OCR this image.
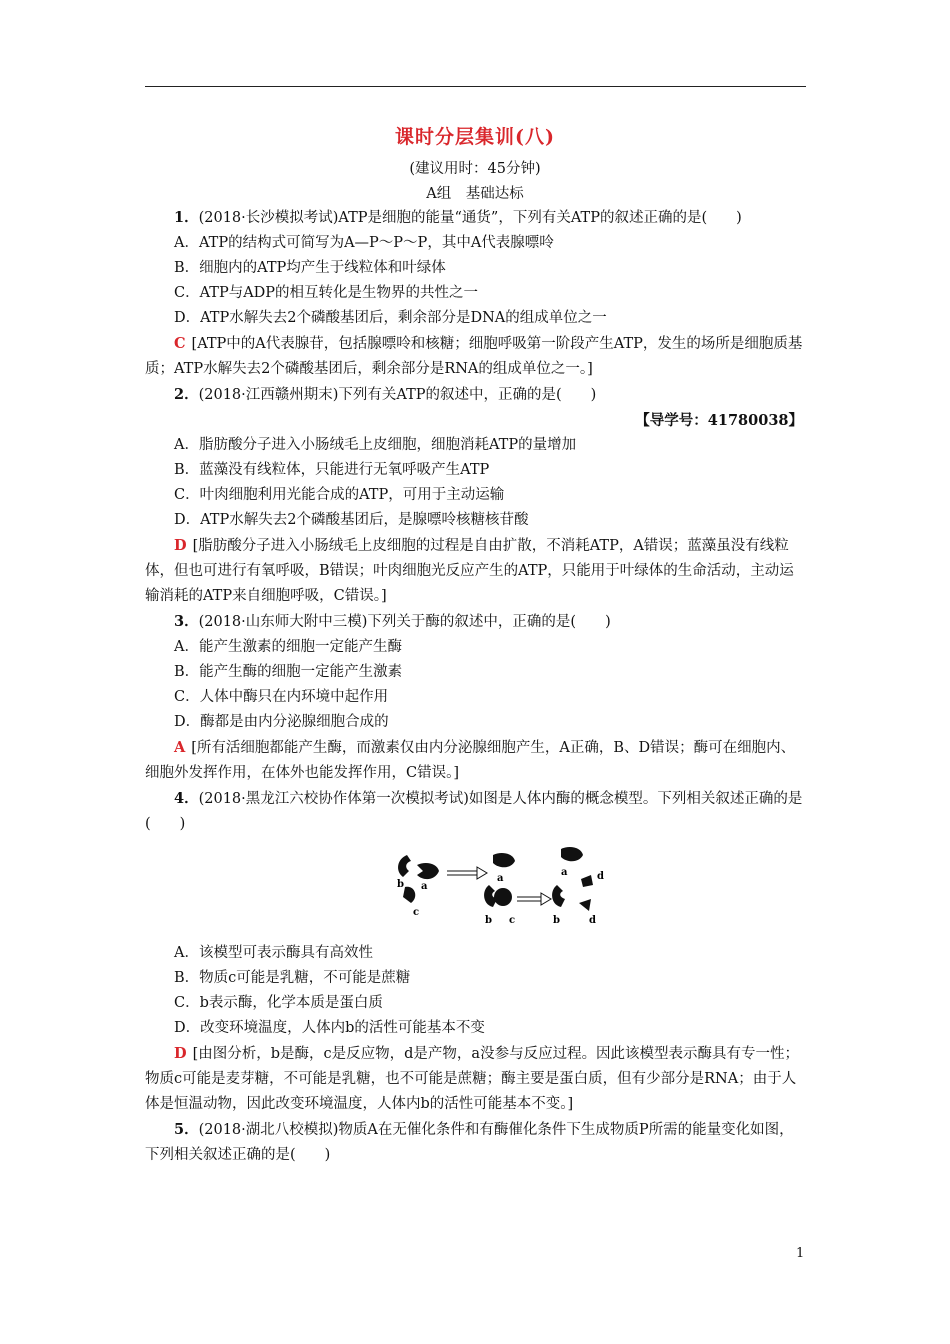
课时分层集训(八)
(建议用时：45分钟)
A组　基础达标

1．(2018·长沙模拟考试)ATP是细胞的能量“通货”，下列有关ATP的叙述正确的是(　　)

A．ATP的结构式可简写为A—P～P～P，其中A代表腺嘌呤

B．细胞内的ATP均产生于线粒体和叶绿体

C．ATP与ADP的相互转化是生物界的共性之一

D．ATP水解失去2个磷酸基团后，剩余部分是DNA的组成单位之一

C [ATP中的A代表腺苷，包括腺嘌呤和核糖；细胞呼吸第一阶段产生ATP，发生的场所是细胞质基质；ATP水解失去2个磷酸基团后，剩余部分是RNA的组成单位之一。]

2．(2018·江西赣州期末)下列有关ATP的叙述中，正确的是(　　)

【导学号：41780038】

A．脂肪酸分子进入小肠绒毛上皮细胞，细胞消耗ATP的量增加

B．蓝藻没有线粒体，只能进行无氧呼吸产生ATP

C．叶肉细胞利用光能合成的ATP，可用于主动运输

D．ATP水解失去2个磷酸基团后，是腺嘌呤核糖核苷酸

D [脂肪酸分子进入小肠绒毛上皮细胞的过程是自由扩散，不消耗ATP，A错误；蓝藻虽没有线粒体，但也可进行有氧呼吸，B错误；叶肉细胞光反应产生的ATP，只能用于叶绿体的生命活动，主动运输消耗的ATP来自细胞呼吸，C错误。]

3．(2018·山东师大附中三模)下列关于酶的叙述中，正确的是(　　)

A．能产生激素的细胞一定能产生酶

B．能产生酶的细胞一定能产生激素

C．人体中酶只在内环境中起作用

D．酶都是由内分泌腺细胞合成的

A [所有活细胞都能产生酶，而激素仅由内分泌腺细胞产生，A正确，B、D错误；酶可在细胞内、细胞外发挥作用，在体外也能发挥作用，C错误。]

4．(2018·黑龙江六校协作体第一次模拟考试)如图是人体内酶的概念模型。下列相关叙述正确的是(　　)

b a
c
a
b c
a
b
d
d

A．该模型可表示酶具有高效性

B．物质c可能是乳糖，不可能是蔗糖

C．b表示酶，化学本质是蛋白质

D．改变环境温度，人体内b的活性可能基本不变

D [由图分析，b是酶，c是反应物，d是产物，a没参与反应过程。因此该模型表示酶具有专一性；物质c可能是麦芽糖，不可能是乳糖，也不可能是蔗糖；酶主要是蛋白质，但有少部分是RNA；由于人体是恒温动物，因此改变环境温度，人体内b的活性可能基本不变。]

5．(2018·湖北八校模拟)物质A在无催化条件和有酶催化条件下生成物质P所需的能量变化如图，下列相关叙述正确的是(　　)

1
